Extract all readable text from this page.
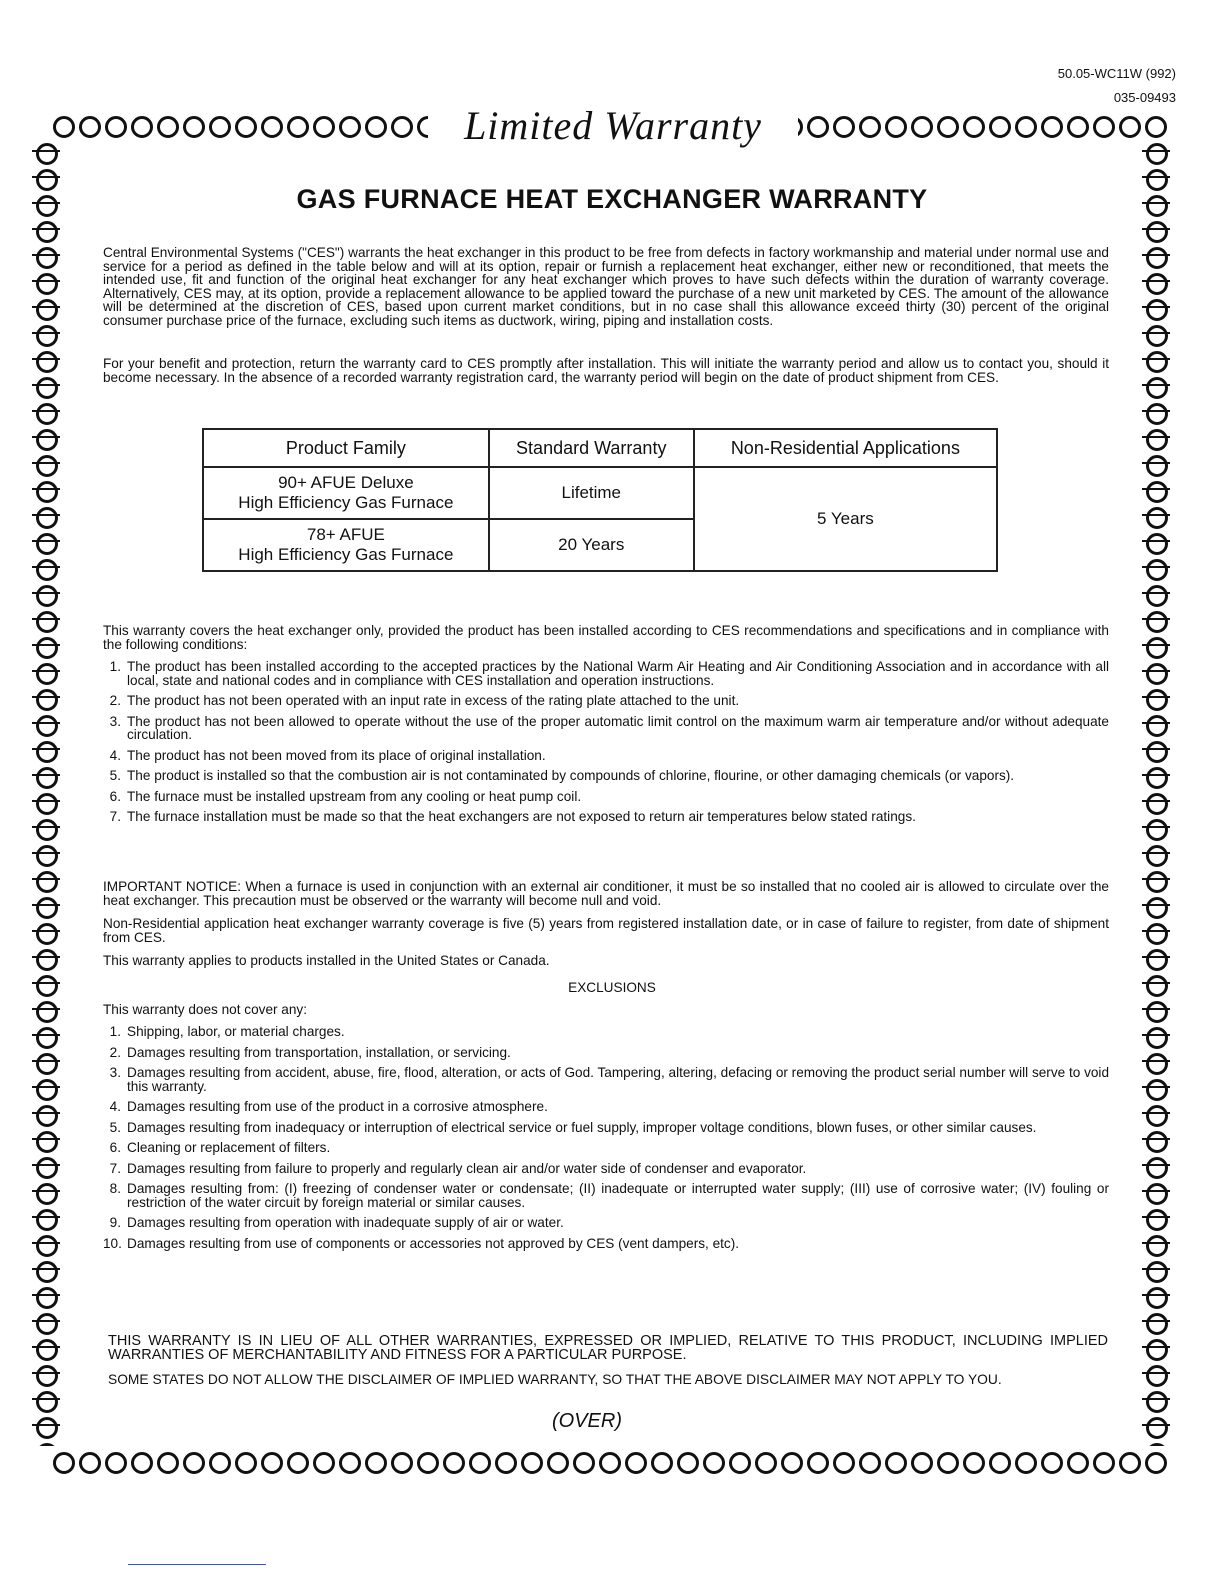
50.05-WC11W (992)
035-09493
Limited Warranty
GAS FURNACE HEAT EXCHANGER WARRANTY
Central Environmental Systems ("CES") warrants the heat exchanger in this product to be free from defects in factory workmanship and material under normal use and service for a period as defined in the table below and will at its option, repair or furnish a replacement heat exchanger, either new or reconditioned, that meets the intended use, fit and function of the original heat exchanger for any heat exchanger which proves to have such defects within the duration of warranty coverage. Alternatively, CES may, at its option, provide a replacement allowance to be applied toward the purchase of a new unit marketed by CES. The amount of the allowance will be determined at the discretion of CES, based upon current market conditions, but in no case shall this allowance exceed thirty (30) percent of the original consumer purchase price of the furnace, excluding such items as ductwork, wiring, piping and installation costs.
For your benefit and protection, return the warranty card to CES promptly after installation. This will initiate the warranty period and allow us to contact you, should it become necessary. In the absence of a recorded warranty registration card, the warranty period will begin on the date of product shipment from CES.
Product Family	Standard Warranty	Non-Residential Applications

90+ AFUE Deluxe
High Efficiency Gas Furnace	Lifetime	5 Years

78+ AFUE
High Efficiency Gas Furnace	20 Years	
This warranty covers the heat exchanger only, provided the product has been installed according to CES recommendations and specifications and in compliance with the following conditions:
1. The product has been installed according to the accepted practices by the National Warm Air Heating and Air Conditioning Association and in accordance with all local, state and national codes and in compliance with CES installation and operation instructions.
2. The product has not been operated with an input rate in excess of the rating plate attached to the unit.
3. The product has not been allowed to operate without the use of the proper automatic limit control on the maximum warm air temperature and/or without adequate circulation.
4. The product has not been moved from its place of original installation.
5. The product is installed so that the combustion air is not contaminated by compounds of chlorine, flourine, or other damaging chemicals (or vapors).
6. The furnace must be installed upstream from any cooling or heat pump coil.
7. The furnace installation must be made so that the heat exchangers are not exposed to return air temperatures below stated ratings.
IMPORTANT NOTICE: When a furnace is used in conjunction with an external air conditioner, it must be so installed that no cooled air is allowed to circulate over the heat exchanger. This precaution must be observed or the warranty will become null and void.
Non-Residential application heat exchanger warranty coverage is five (5) years from registered installation date, or in case of failure to register, from date of shipment from CES.
This warranty applies to products installed in the United States or Canada.
EXCLUSIONS
This warranty does not cover any:
1. Shipping, labor, or material charges.
2. Damages resulting from transportation, installation, or servicing.
3. Damages resulting from accident, abuse, fire, flood, alteration, or acts of God. Tampering, altering, defacing or removing the product serial number will serve to void this warranty.
4. Damages resulting from use of the product in a corrosive atmosphere.
5. Damages resulting from inadequacy or interruption of electrical service or fuel supply, improper voltage conditions, blown fuses, or other similar causes.
6. Cleaning or replacement of filters.
7. Damages resulting from failure to properly and regularly clean air and/or water side of condenser and evaporator.
8. Damages resulting from: (I) freezing of condenser water or condensate; (II) inadequate or interrupted water supply; (III) use of corrosive water; (IV) fouling or restriction of the water circuit by foreign material or similar causes.
9. Damages resulting from operation with inadequate supply of air or water.
10. Damages resulting from use of components or accessories not approved by CES (vent dampers, etc).
THIS WARRANTY IS IN LIEU OF ALL OTHER WARRANTIES, EXPRESSED OR IMPLIED, RELATIVE TO THIS PRODUCT, INCLUDING IMPLIED WARRANTIES OF MERCHANTABILITY AND FITNESS FOR A PARTICULAR PURPOSE.
SOME STATES DO NOT ALLOW THE DISCLAIMER OF IMPLIED WARRANTY, SO THAT THE ABOVE DISCLAIMER MAY NOT APPLY TO YOU.
(OVER)
